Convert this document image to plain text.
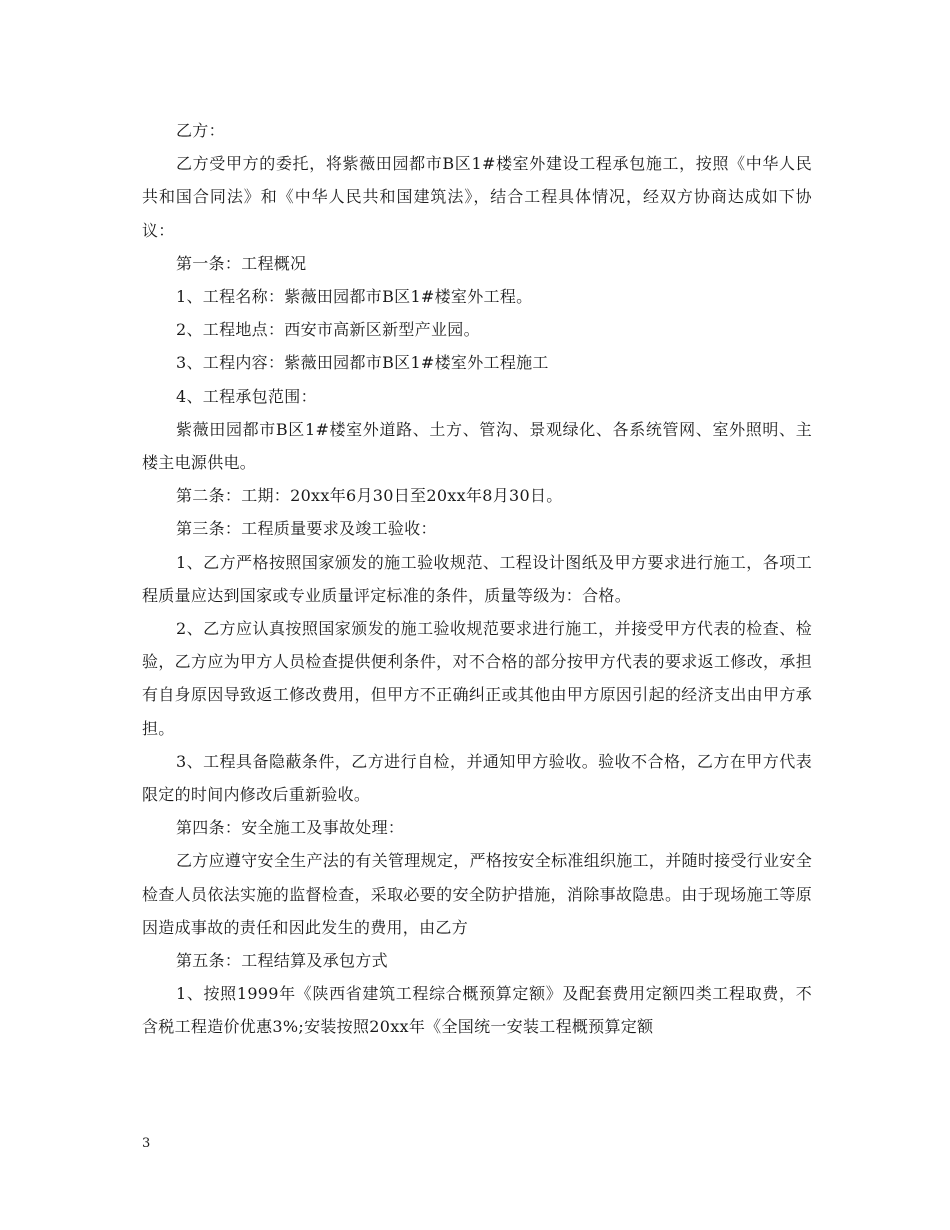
乙方：

乙方受甲方的委托，将紫薇田园都市B区1#楼室外建设工程承包施工，按照《中华人民共和国合同法》和《中华人民共和国建筑法》，结合工程具体情况，经双方协商达成如下协议：

第一条：工程概况

1、工程名称：紫薇田园都市B区1#楼室外工程。

2、工程地点：西安市高新区新型产业园。

3、工程内容：紫薇田园都市B区1#楼室外工程施工

4、工程承包范围：

紫薇田园都市B区1#楼室外道路、土方、管沟、景观绿化、各系统管网、室外照明、主楼主电源供电。

第二条：工期：20xx年6月30日至20xx年8月30日。

第三条：工程质量要求及竣工验收：

1、乙方严格按照国家颁发的施工验收规范、工程设计图纸及甲方要求进行施工，各项工程质量应达到国家或专业质量评定标准的条件，质量等级为：合格。

2、乙方应认真按照国家颁发的施工验收规范要求进行施工，并接受甲方代表的检查、检验，乙方应为甲方人员检查提供便利条件，对不合格的部分按甲方代表的要求返工修改，承担有自身原因导致返工修改费用，但甲方不正确纠正或其他由甲方原因引起的经济支出由甲方承担。

3、工程具备隐蔽条件，乙方进行自检，并通知甲方验收。验收不合格，乙方在甲方代表限定的时间内修改后重新验收。

第四条：安全施工及事故处理：

乙方应遵守安全生产法的有关管理规定，严格按安全标准组织施工，并随时接受行业安全检查人员依法实施的监督检查，采取必要的安全防护措施，消除事故隐患。由于现场施工等原因造成事故的责任和因此发生的费用，由乙方

第五条：工程结算及承包方式

1、按照1999年《陕西省建筑工程综合概预算定额》及配套费用定额四类工程取费，不含税工程造价优惠3%;安装按照20xx年《全国统一安装工程概预算定额

3
